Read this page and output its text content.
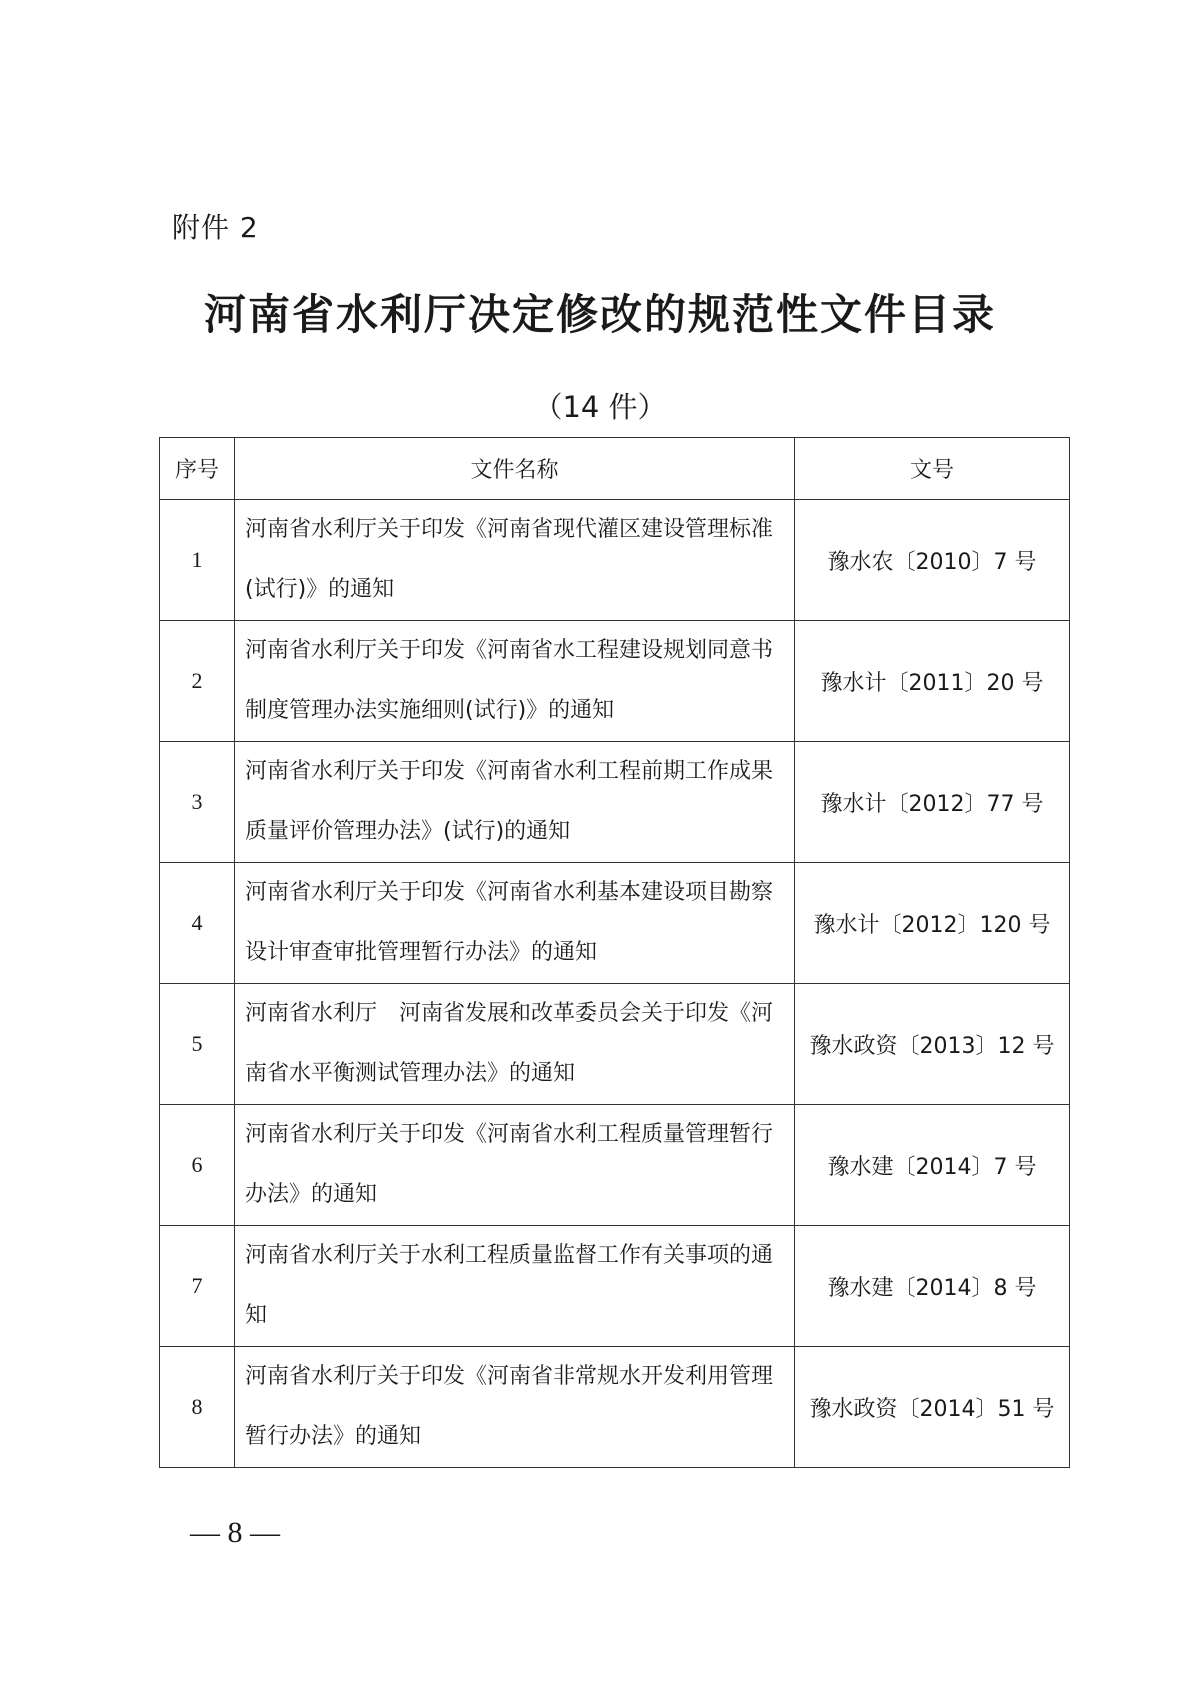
附件 2
河南省水利厅决定修改的规范性文件目录
（14 件）
序号	文件名称	文号
1	河南省水利厅关于印发《河南省现代灌区建设管理标准(试行)》的通知	豫水农〔2010〕7 号
2	河南省水利厅关于印发《河南省水工程建设规划同意书制度管理办法实施细则(试行)》的通知	豫水计〔2011〕20 号
3	河南省水利厅关于印发《河南省水利工程前期工作成果质量评价管理办法》(试行)的通知	豫水计〔2012〕77 号
4	河南省水利厅关于印发《河南省水利基本建设项目勘察设计审查审批管理暂行办法》的通知	豫水计〔2012〕120 号
5	河南省水利厅　河南省发展和改革委员会关于印发《河南省水平衡测试管理办法》的通知	豫水政资〔2013〕12 号
6	河南省水利厅关于印发《河南省水利工程质量管理暂行办法》的通知	豫水建〔2014〕7 号
7	河南省水利厅关于水利工程质量监督工作有关事项的通知	豫水建〔2014〕8 号
8	河南省水利厅关于印发《河南省非常规水开发利用管理暂行办法》的通知	豫水政资〔2014〕51 号
— 8 —
